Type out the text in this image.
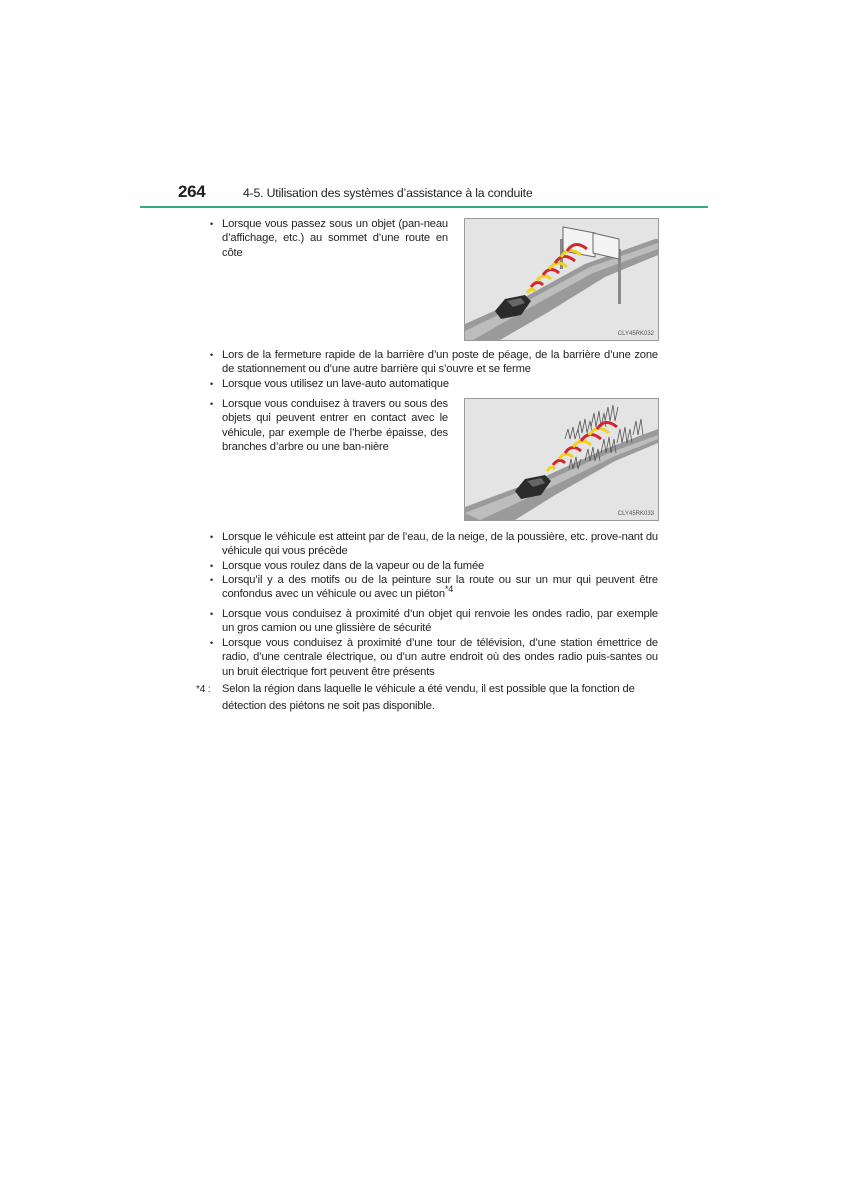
264	4-5. Utilisation des systèmes d’assistance à la conduite
• Lorsque vous passez sous un objet (pan-neau d’affichage, etc.) au sommet d’une route en côte
CLY45RK032
• Lors de la fermeture rapide de la barrière d’un poste de péage, de la barrière d’une zone de stationnement ou d’une autre barrière qui s’ouvre et se ferme
• Lorsque vous utilisez un lave-auto automatique
• Lorsque vous conduisez à travers ou sous des objets qui peuvent entrer en contact avec le véhicule, par exemple de l’herbe épaisse, des branches d’arbre ou une ban-nière
CLY45RK033
• Lorsque le véhicule est atteint par de l’eau, de la neige, de la poussière, etc. prove-nant du véhicule qui vous précède
• Lorsque vous roulez dans de la vapeur ou de la fumée
• Lorsqu’il y a des motifs ou de la peinture sur la route ou sur un mur qui peuvent être confondus avec un véhicule ou avec un piéton$^{*4}$
• Lorsque vous conduisez à proximité d’un objet qui renvoie les ondes radio, par exemple un gros camion ou une glissière de sécurité
• Lorsque vous conduisez à proximité d’une tour de télévision, d’une station émettrice de radio, d’une centrale électrique, ou d’un autre endroit où des ondes radio puis-santes ou un bruit électrique fort peuvent être présents
*4 : Selon la région dans laquelle le véhicule a été vendu, il est possible que la fonction de détection des piétons ne soit pas disponible.
